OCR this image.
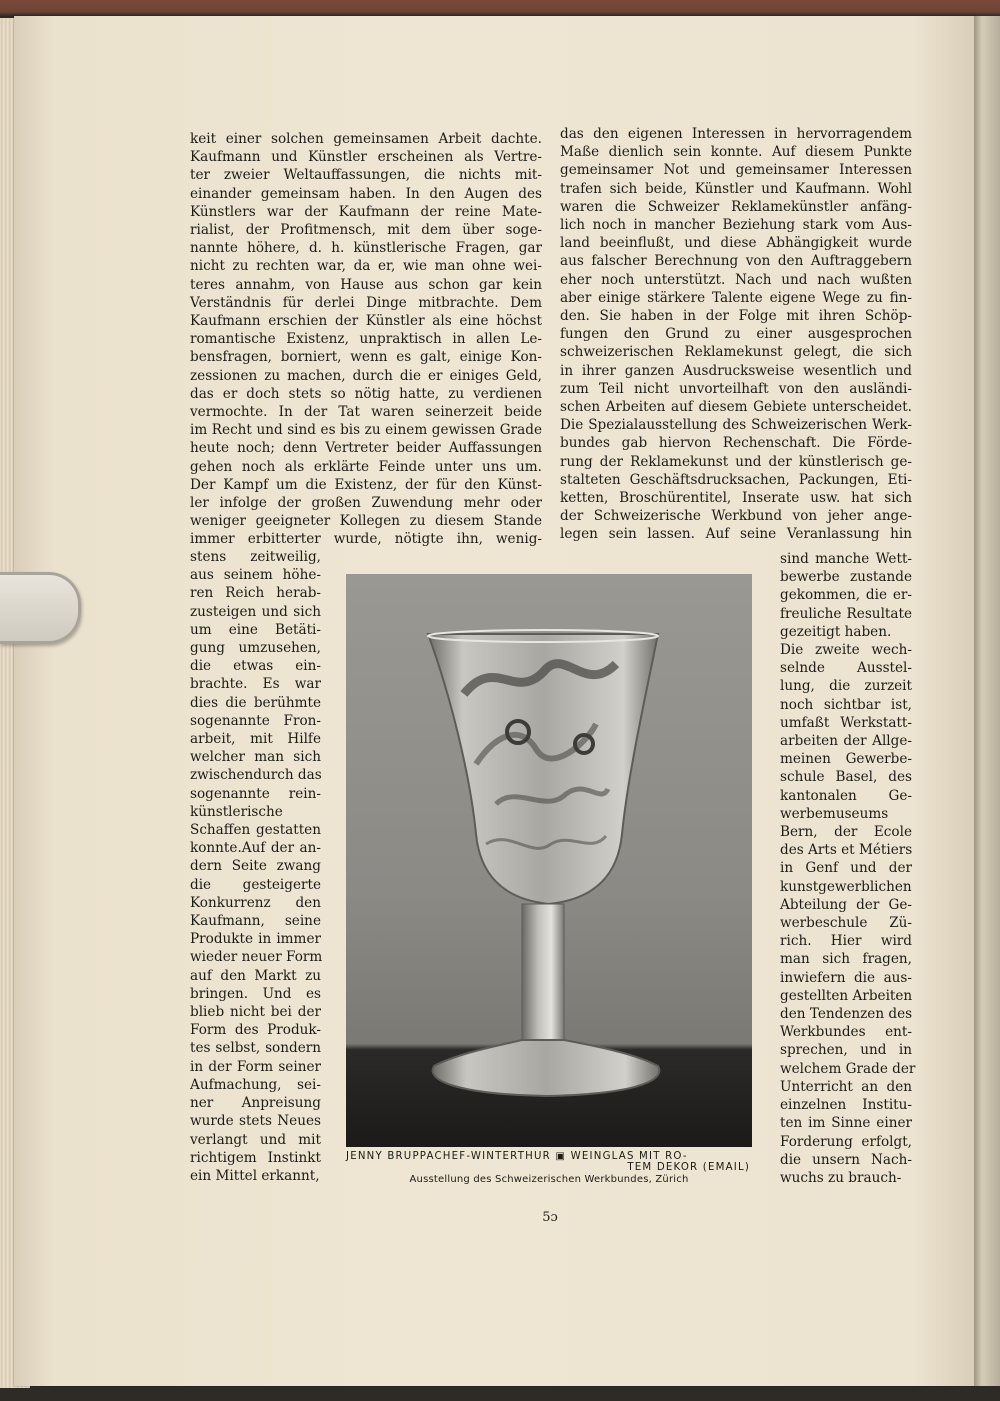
keit einer solchen gemeinsamen Arbeit dachte.
Kaufmann und Künstler erscheinen als Vertre-
ter zweier Weltauffassungen, die nichts mit-
einander gemeinsam haben. In den Augen des
Künstlers war der Kaufmann der reine Mate-
rialist, der Profitmensch, mit dem über soge-
nannte höhere, d. h. künstlerische Fragen, gar
nicht zu rechten war, da er, wie man ohne wei-
teres annahm, von Hause aus schon gar kein
Verständnis für derlei Dinge mitbrachte. Dem
Kaufmann erschien der Künstler als eine höchst
romantische Existenz, unpraktisch in allen Le-
bensfragen, borniert, wenn es galt, einige Kon-
zessionen zu machen, durch die er einiges Geld,
das er doch stets so nötig hatte, zu verdienen
vermochte. In der Tat waren seinerzeit beide
im Recht und sind es bis zu einem gewissen Grade
heute noch; denn Vertreter beider Auffassungen
gehen noch als erklärte Feinde unter uns um.
Der Kampf um die Existenz, der für den Künst-
ler infolge der großen Zuwendung mehr oder
weniger geeigneter Kollegen zu diesem Stande
immer erbitterter wurde, nötigte ihn, wenig-
stens zeitweilig,
aus seinem höhe-
ren Reich herab-
zusteigen und sich
um eine Betäti-
gung umzusehen,
die etwas ein-
brachte. Es war
dies die berühmte
sogenannte Fron-
arbeit, mit Hilfe
welcher man sich
zwischendurch das
sogenannte rein-
künstlerische
Schaffen gestatten
konnte.Auf der an-
dern Seite zwang
die gesteigerte
Konkurrenz den
Kaufmann, seine
Produkte in immer
wieder neuer Form
auf den Markt zu
bringen. Und es
blieb nicht bei der
Form des Produk-
tes selbst, sondern
in der Form seiner
Aufmachung, sei-
ner Anpreisung
wurde stets Neues
verlangt und mit
richtigem Instinkt
ein Mittel erkannt,
das den eigenen Interessen in hervorragendem
Maße dienlich sein konnte. Auf diesem Punkte
gemeinsamer Not und gemeinsamer Interessen
trafen sich beide, Künstler und Kaufmann. Wohl
waren die Schweizer Reklamekünstler anfäng-
lich noch in mancher Beziehung stark vom Aus-
land beeinflußt, und diese Abhängigkeit wurde
aus falscher Berechnung von den Auftraggebern
eher noch unterstützt. Nach und nach wußten
aber einige stärkere Talente eigene Wege zu fin-
den. Sie haben in der Folge mit ihren Schöp-
fungen den Grund zu einer ausgesprochen
schweizerischen Reklamekunst gelegt, die sich
in ihrer ganzen Ausdrucksweise wesentlich und
zum Teil nicht unvorteilhaft von den ausländi-
schen Arbeiten auf diesem Gebiete unterscheidet.
Die Spezialausstellung des Schweizerischen Werk-
bundes gab hiervon Rechenschaft. Die Förde-
rung der Reklamekunst und der künstlerisch ge-
stalteten Geschäftsdrucksachen, Packungen, Eti-
ketten, Broschürentitel, Inserate usw. hat sich
der Schweizerische Werkbund von jeher ange-
legen sein lassen. Auf seine Veranlassung hin
sind manche Wett-
bewerbe zustande
gekommen, die er-
freuliche Resultate
gezeitigt haben.
Die zweite wech-
selnde Ausstel-
lung, die zurzeit
noch sichtbar ist,
umfaßt Werkstatt-
arbeiten der Allge-
meinen Gewerbe-
schule Basel, des
kantonalen Ge-
werbemuseums
Bern, der Ecole
des Arts et Métiers
in Genf und der
kunstgewerblichen
Abteilung der Ge-
werbeschule Zü-
rich. Hier wird
man sich fragen,
inwiefern die aus-
gestellten Arbeiten
den Tendenzen des
Werkbundes ent-
sprechen, und in
welchem Grade der
Unterricht an den
einzelnen Institu-
ten im Sinne einer
Forderung erfolgt,
die unsern Nach-
wuchs zu brauch-
JENNY BRUPPACHEF-WINTERTHUR ▣ WEINGLAS MIT RO-
TEM DEKOR (EMAIL)
Ausstellung des Schweizerischen Werkbundes, Zürich
5ɔ
